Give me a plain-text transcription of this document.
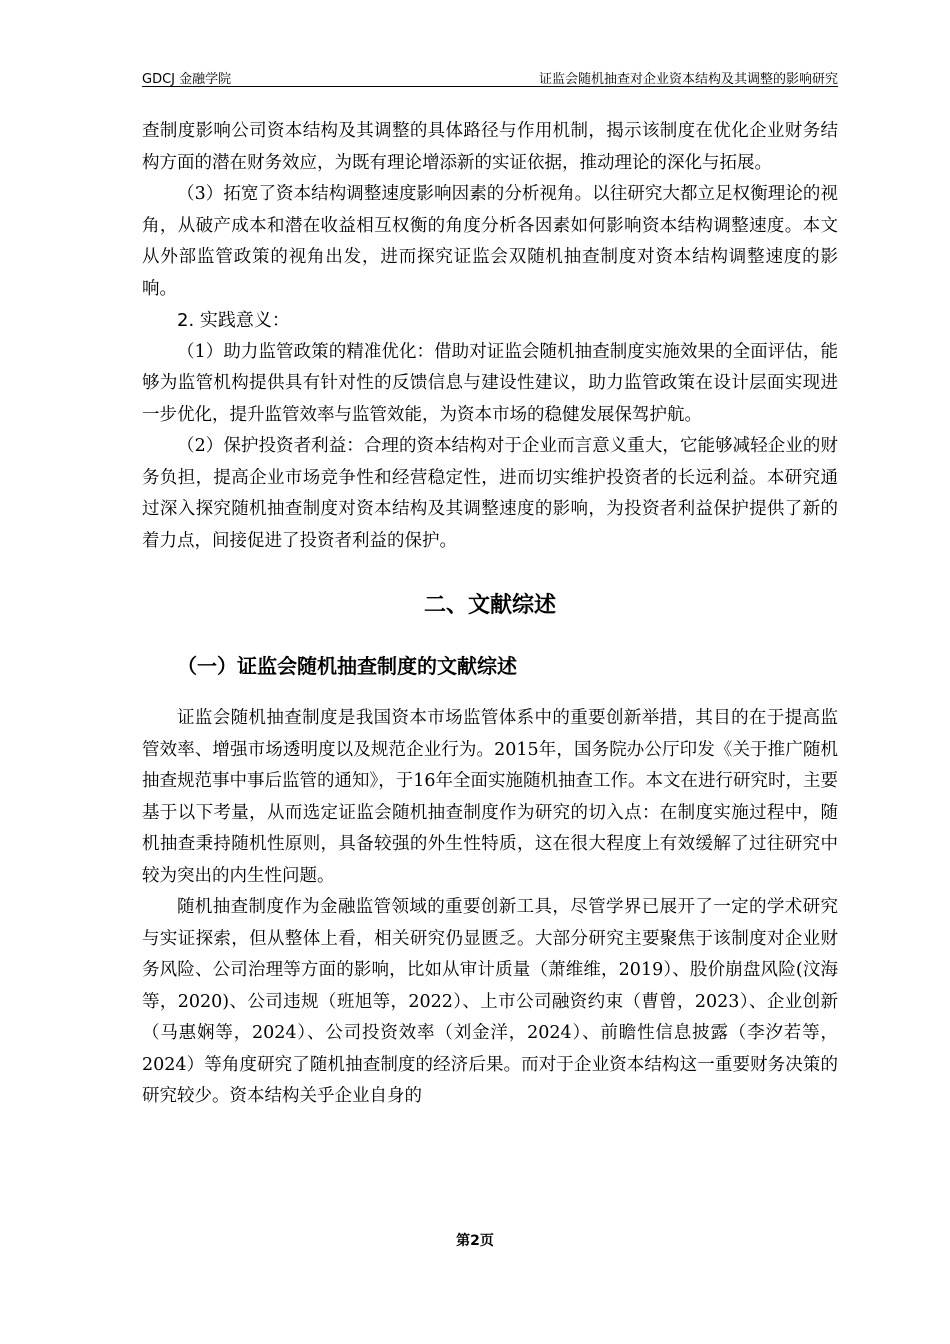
GDCJ 金融学院	证监会随机抽查对企业资本结构及其调整的影响研究

查制度影响公司资本结构及其调整的具体路径与作用机制，揭示该制度在优化企业财务结构方面的潜在财务效应，为既有理论增添新的实证依据，推动理论的深化与拓展。

（3）拓宽了资本结构调整速度影响因素的分析视角。以往研究大都立足权衡理论的视角，从破产成本和潜在收益相互权衡的角度分析各因素如何影响资本结构调整速度。本文从外部监管政策的视角出发，进而探究证监会双随机抽查制度对资本结构调整速度的影响。

2. 实践意义：

（1）助力监管政策的精准优化：借助对证监会随机抽查制度实施效果的全面评估，能够为监管机构提供具有针对性的反馈信息与建设性建议，助力监管政策在设计层面实现进一步优化，提升监管效率与监管效能，为资本市场的稳健发展保驾护航。

（2）保护投资者利益：合理的资本结构对于企业而言意义重大，它能够减轻企业的财务负担，提高企业市场竞争性和经营稳定性，进而切实维护投资者的长远利益。本研究通过深入探究随机抽查制度对资本结构及其调整速度的影响，为投资者利益保护提供了新的着力点，间接促进了投资者利益的保护。

二、文献综述
（一）证监会随机抽查制度的文献综述

证监会随机抽查制度是我国资本市场监管体系中的重要创新举措，其目的在于提高监管效率、增强市场透明度以及规范企业行为。2015年，国务院办公厅印发《关于推广随机抽查规范事中事后监管的通知》，于16年全面实施随机抽查工作。本文在进行研究时，主要基于以下考量，从而选定证监会随机抽查制度作为研究的切入点：在制度实施过程中，随机抽查秉持随机性原则，具备较强的外生性特质，这在很大程度上有效缓解了过往研究中较为突出的内生性问题。

随机抽查制度作为金融监管领域的重要创新工具，尽管学界已展开了一定的学术研究与实证探索，但从整体上看，相关研究仍显匮乏。大部分研究主要聚焦于该制度对企业财务风险、公司治理等方面的影响，比如从审计质量（萧维维，2019）、股价崩盘风险(汶海等，2020)、公司违规（班旭等，2022）、上市公司融资约束（曹曾，2023）、企业创新（马惠娴等，2024）、公司投资效率（刘金洋，2024）、前瞻性信息披露（李汐若等，2024）等角度研究了随机抽查制度的经济后果。而对于企业资本结构这一重要财务决策的研究较少。资本结构关乎企业自身的

第2页
